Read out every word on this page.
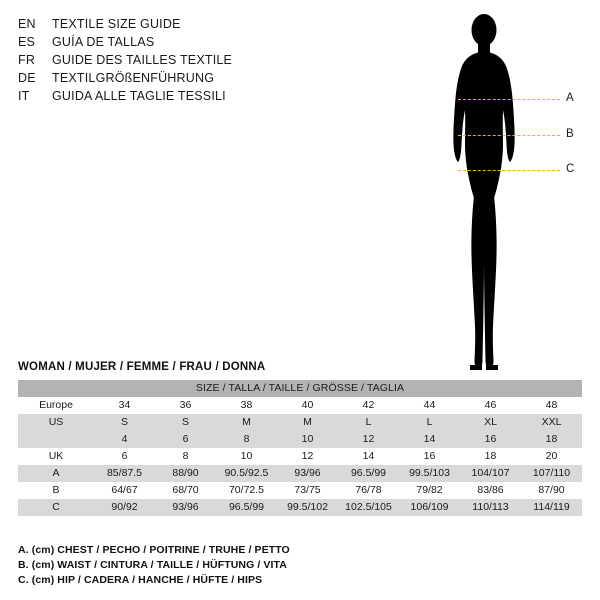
EN	TEXTILE SIZE GUIDE
ES	GUÍA DE TALLAS
FR	GUIDE DES TAILLES TEXTILE
DE	TEXTILGRÖßENFÜHRUNG
IT	GUIDA ALLE TAGLIE TESSILI	A
B
C
WOMAN / MUJER / FEMME / FRAU / DONNA
SIZE / TALLA / TAILLE / GRÖSSE / TAGLIA								
Europe	34	36	38	40	42	44	46	48
US	S	S	M	M	L	L	XL	XXL
	4	6	8	10	12	14	16	18
UK	6	8	10	12	14	16	18	20
A	85/87.5	88/90	90.5/92.5	93/96	96.5/99	99.5/103	104/107	107/110
B	64/67	68/70	70/72.5	73/75	76/78	79/82	83/86	87/90
C	90/92	93/96	96.5/99	99.5/102	102.5/105	106/109	110/113	114/119
A. (cm) CHEST / PECHO / POITRINE / TRUHE / PETTO
B. (cm) WAIST / CINTURA / TAILLE / HÜFTUNG / VITA
C. (cm) HIP / CADERA / HANCHE / HÜFTE / HIPS
